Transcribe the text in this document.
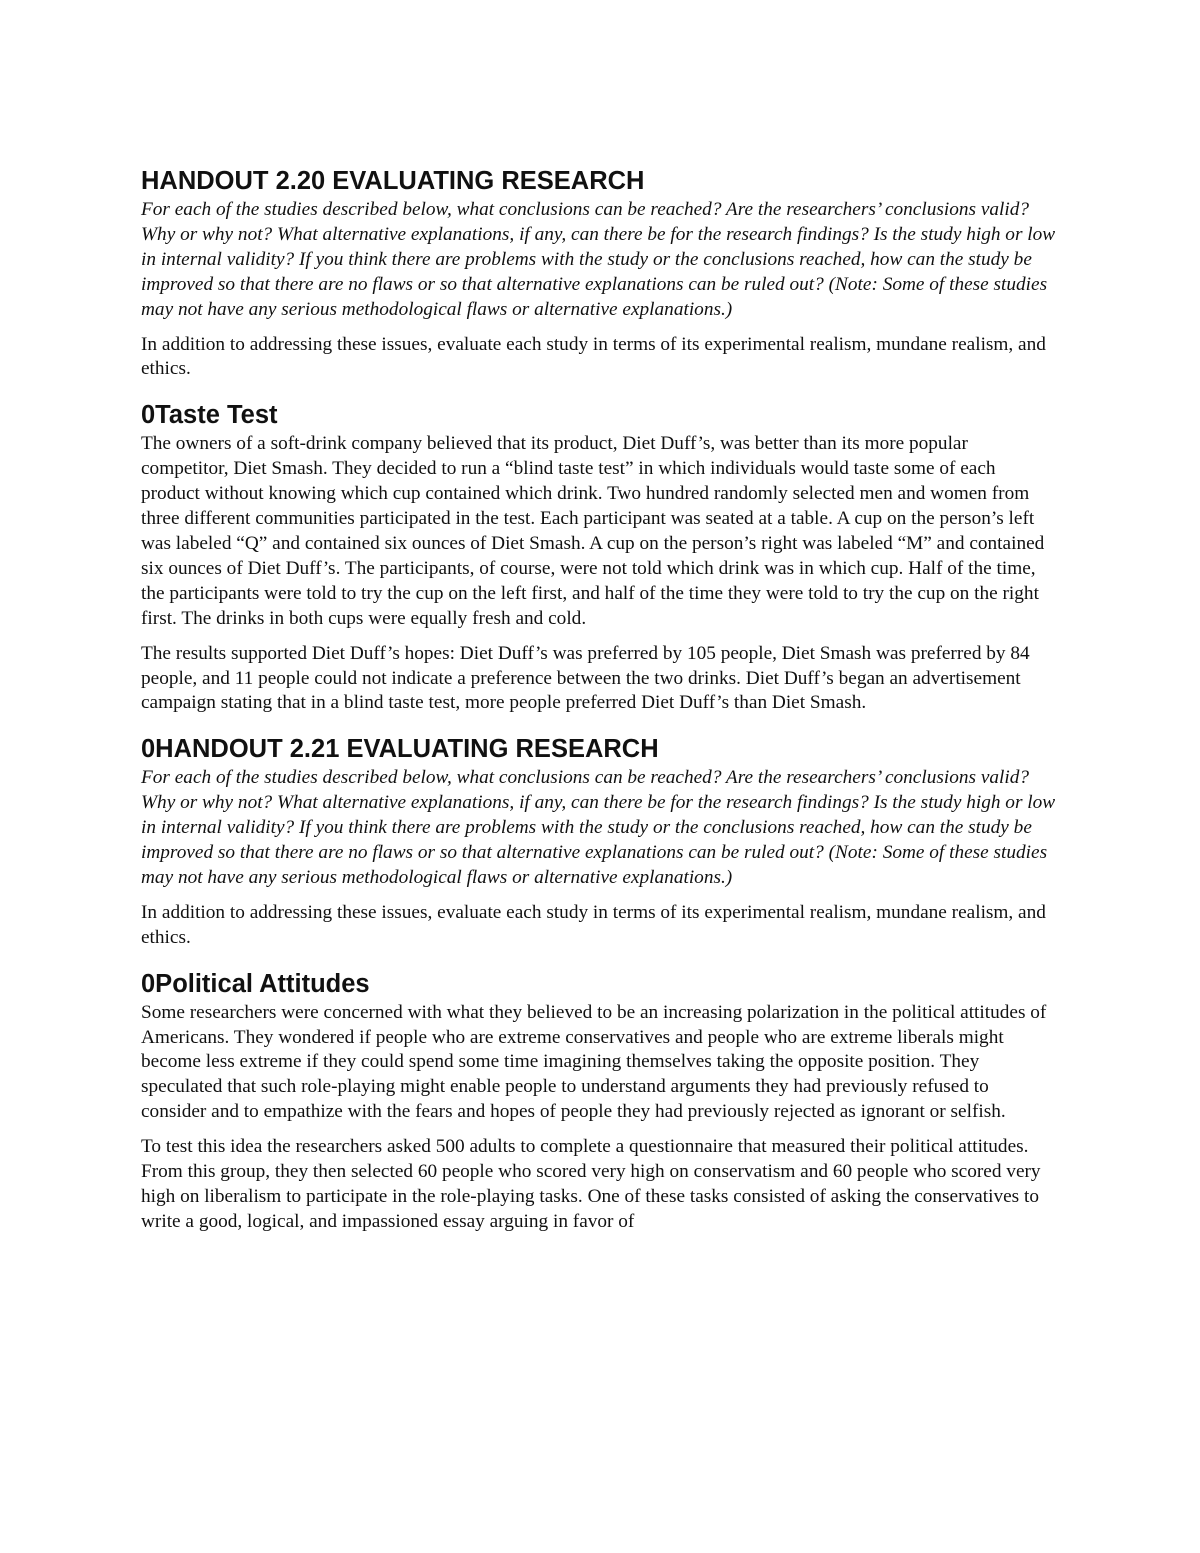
HANDOUT 2.20 EVALUATING RESEARCH

For each of the studies described below, what conclusions can be reached? Are the researchers’ conclusions valid? Why or why not? What alternative explanations, if any, can there be for the research findings? Is the study high or low in internal validity? If you think there are problems with the study or the conclusions reached, how can the study be improved so that there are no flaws or so that alternative explanations can be ruled out? (Note: Some of these studies may not have any serious methodological flaws or alternative explanations.)

In addition to addressing these issues, evaluate each study in terms of its experimental realism, mundane realism, and ethics.

0Taste Test

The owners of a soft-drink company believed that its product, Diet Duff’s, was better than its more popular competitor, Diet Smash. They decided to run a “blind taste test” in which individuals would taste some of each product without knowing which cup contained which drink. Two hundred randomly selected men and women from three different communities participated in the test. Each participant was seated at a table. A cup on the person’s left was labeled “Q” and contained six ounces of Diet Smash. A cup on the person’s right was labeled “M” and contained six ounces of Diet Duff’s. The participants, of course, were not told which drink was in which cup. Half of the time, the participants were told to try the cup on the left first, and half of the time they were told to try the cup on the right first. The drinks in both cups were equally fresh and cold.

The results supported Diet Duff’s hopes: Diet Duff’s was preferred by 105 people, Diet Smash was preferred by 84 people, and 11 people could not indicate a preference between the two drinks. Diet Duff’s began an advertisement campaign stating that in a blind taste test, more people preferred Diet Duff’s than Diet Smash.

0HANDOUT 2.21 EVALUATING RESEARCH

For each of the studies described below, what conclusions can be reached? Are the researchers’ conclusions valid? Why or why not? What alternative explanations, if any, can there be for the research findings? Is the study high or low in internal validity? If you think there are problems with the study or the conclusions reached, how can the study be improved so that there are no flaws or so that alternative explanations can be ruled out? (Note: Some of these studies may not have any serious methodological flaws or alternative explanations.)

In addition to addressing these issues, evaluate each study in terms of its experimental realism, mundane realism, and ethics.

0Political Attitudes

Some researchers were concerned with what they believed to be an increasing polarization in the political attitudes of Americans. They wondered if people who are extreme conservatives and people who are extreme liberals might become less extreme if they could spend some time imagining themselves taking the opposite position. They speculated that such role-playing might enable people to understand arguments they had previously refused to consider and to empathize with the fears and hopes of people they had previously rejected as ignorant or selfish.

To test this idea the researchers asked 500 adults to complete a questionnaire that measured their political attitudes. From this group, they then selected 60 people who scored very high on conservatism and 60 people who scored very high on liberalism to participate in the role-playing tasks. One of these tasks consisted of asking the conservatives to write a good, logical, and impassioned essay arguing in favor of
